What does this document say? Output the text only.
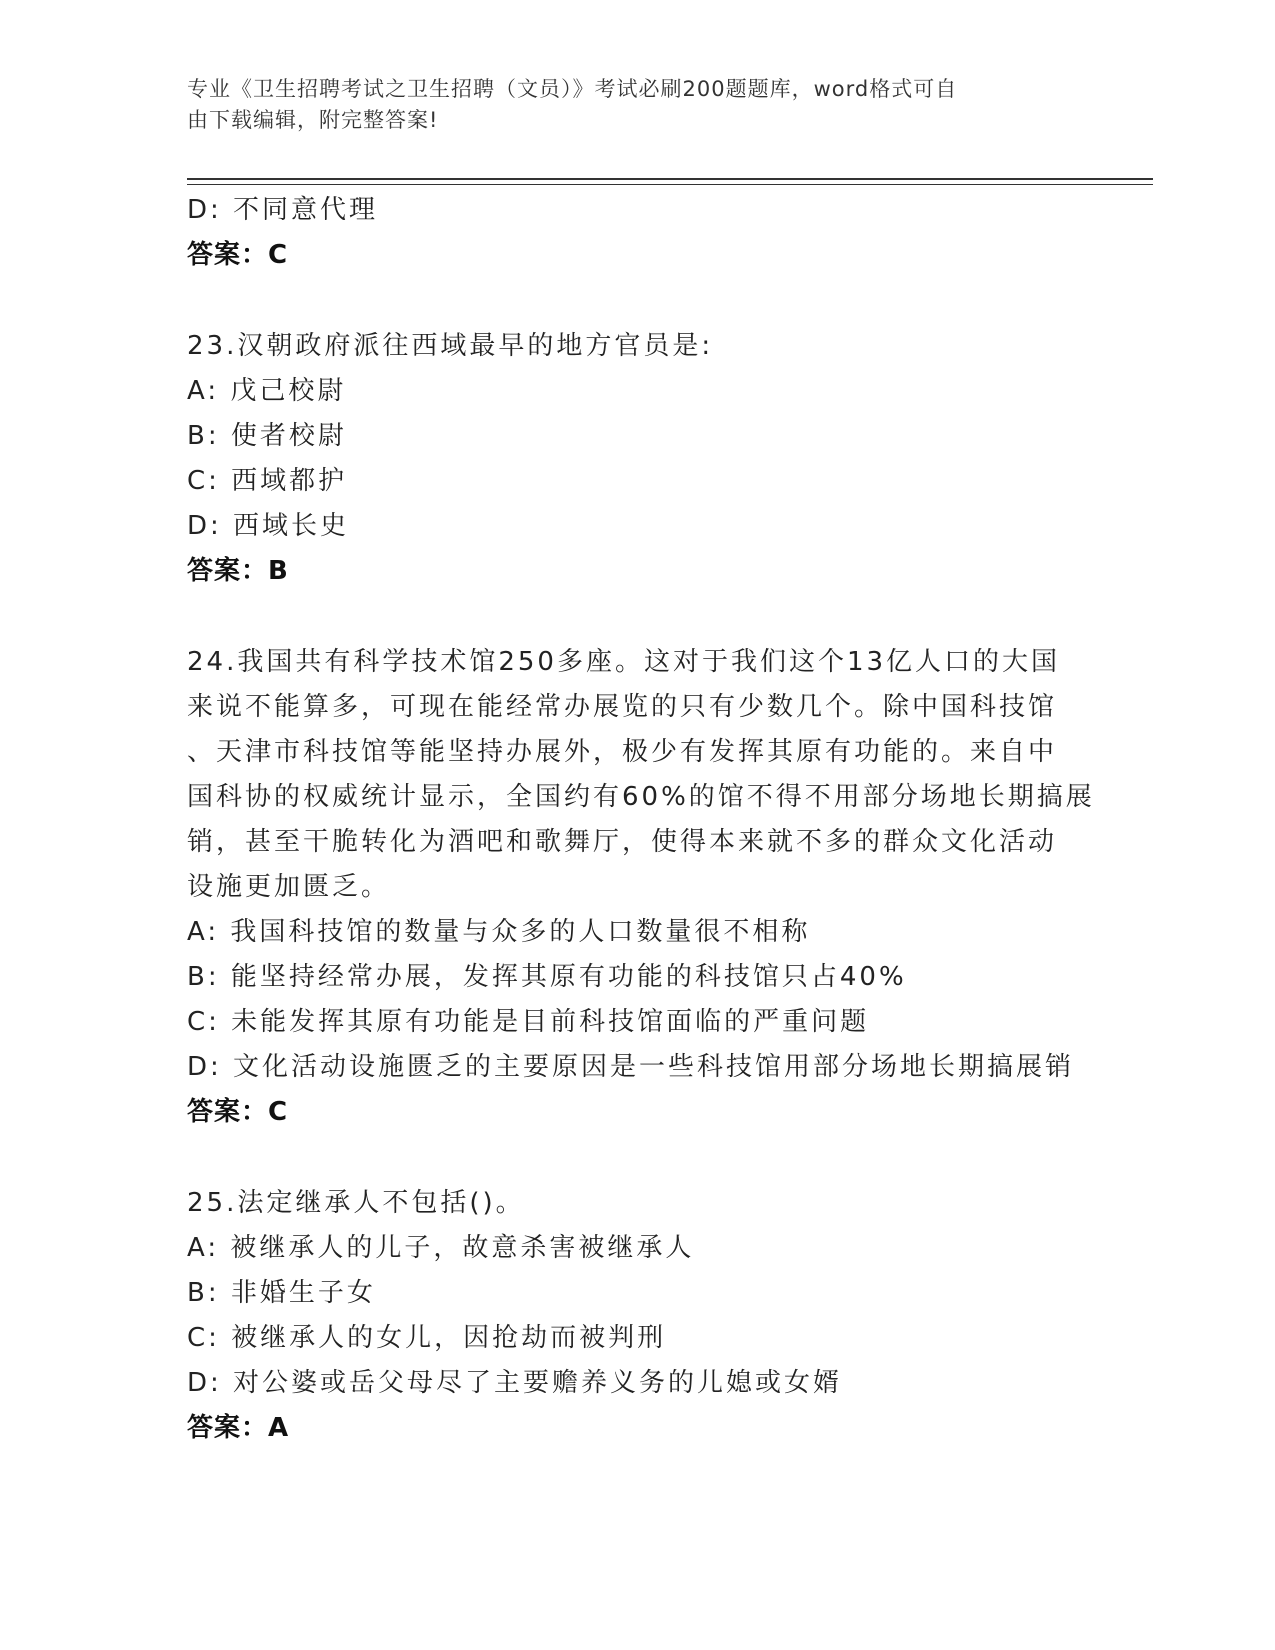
专业《卫生招聘考试之卫生招聘（文员）》考试必刷200题题库，word格式可自
由下载编辑，附完整答案!
D: 不同意代理
答案：C
23.汉朝政府派往西域最早的地方官员是:
A: 戊己校尉
B: 使者校尉
C: 西域都护
D: 西域长史
答案：B
24.我国共有科学技术馆250多座。这对于我们这个13亿人口的大国
来说不能算多，可现在能经常办展览的只有少数几个。除中国科技馆
、天津市科技馆等能坚持办展外，极少有发挥其原有功能的。来自中
国科协的权威统计显示，全国约有60%的馆不得不用部分场地长期搞展
销，甚至干脆转化为酒吧和歌舞厅，使得本来就不多的群众文化活动
设施更加匮乏。
A: 我国科技馆的数量与众多的人口数量很不相称
B: 能坚持经常办展，发挥其原有功能的科技馆只占40%
C: 未能发挥其原有功能是目前科技馆面临的严重问题
D: 文化活动设施匮乏的主要原因是一些科技馆用部分场地长期搞展销
答案：C
25.法定继承人不包括()。
A: 被继承人的儿子，故意杀害被继承人
B: 非婚生子女
C: 被继承人的女儿，因抢劫而被判刑
D: 对公婆或岳父母尽了主要赡养义务的儿媳或女婿
答案：A
